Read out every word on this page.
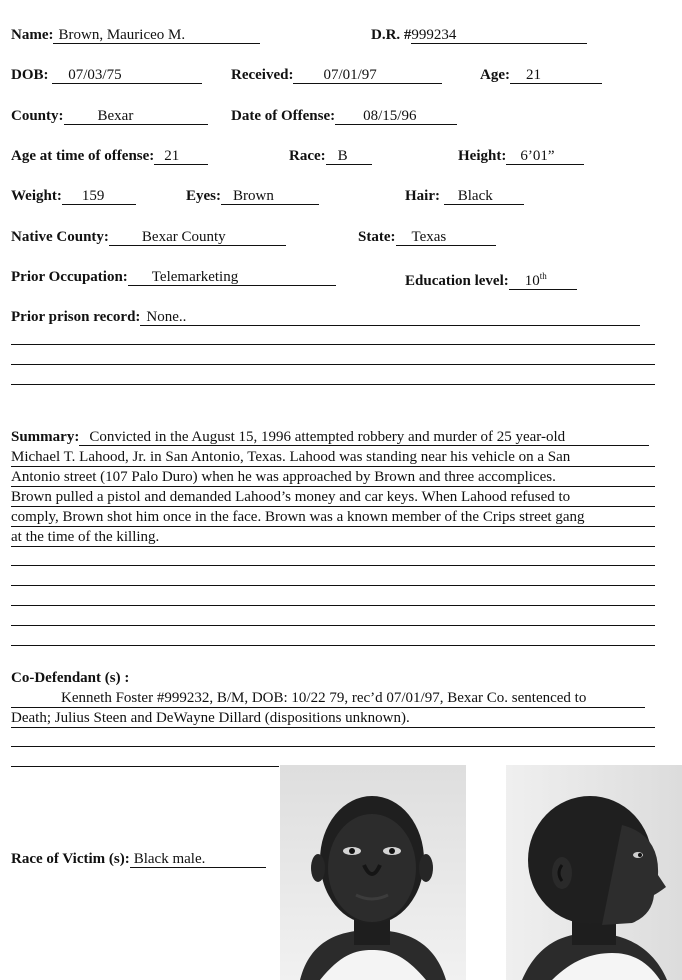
Name: Brown, Mauriceo M.	D.R. #999234
DOB: 07/03/75	Received: 07/01/97	Age: 21
County: Bexar	Date of Offense: 08/15/96
Age at time of offense: 21	Race: B	Height: 6’01”
Weight: 159	Eyes: Brown	Hair: Black
Native County: Bexar County	State: Texas
Prior Occupation: Telemarketing	Education level: 10th
Prior prison record: None..
Summary: Convicted in the August 15, 1996 attempted robbery and murder of 25 year-old
Michael T. Lahood, Jr. in San Antonio, Texas. Lahood was standing near his vehicle on a San
Antonio street (107 Palo Duro) when he was approached by Brown and three accomplices.
Brown pulled a pistol and demanded Lahood’s money and car keys. When Lahood refused to
comply, Brown shot him once in the face. Brown was a known member of the Crips street gang
at the time of the killing.
Co-Defendant (s) :
Kenneth Foster #999232, B/M, DOB: 10/22 79, rec’d 07/01/97, Bexar Co. sentenced to
Death; Julius Steen and DeWayne Dillard (dispositions unknown).
Race of Victim (s): Black male.
